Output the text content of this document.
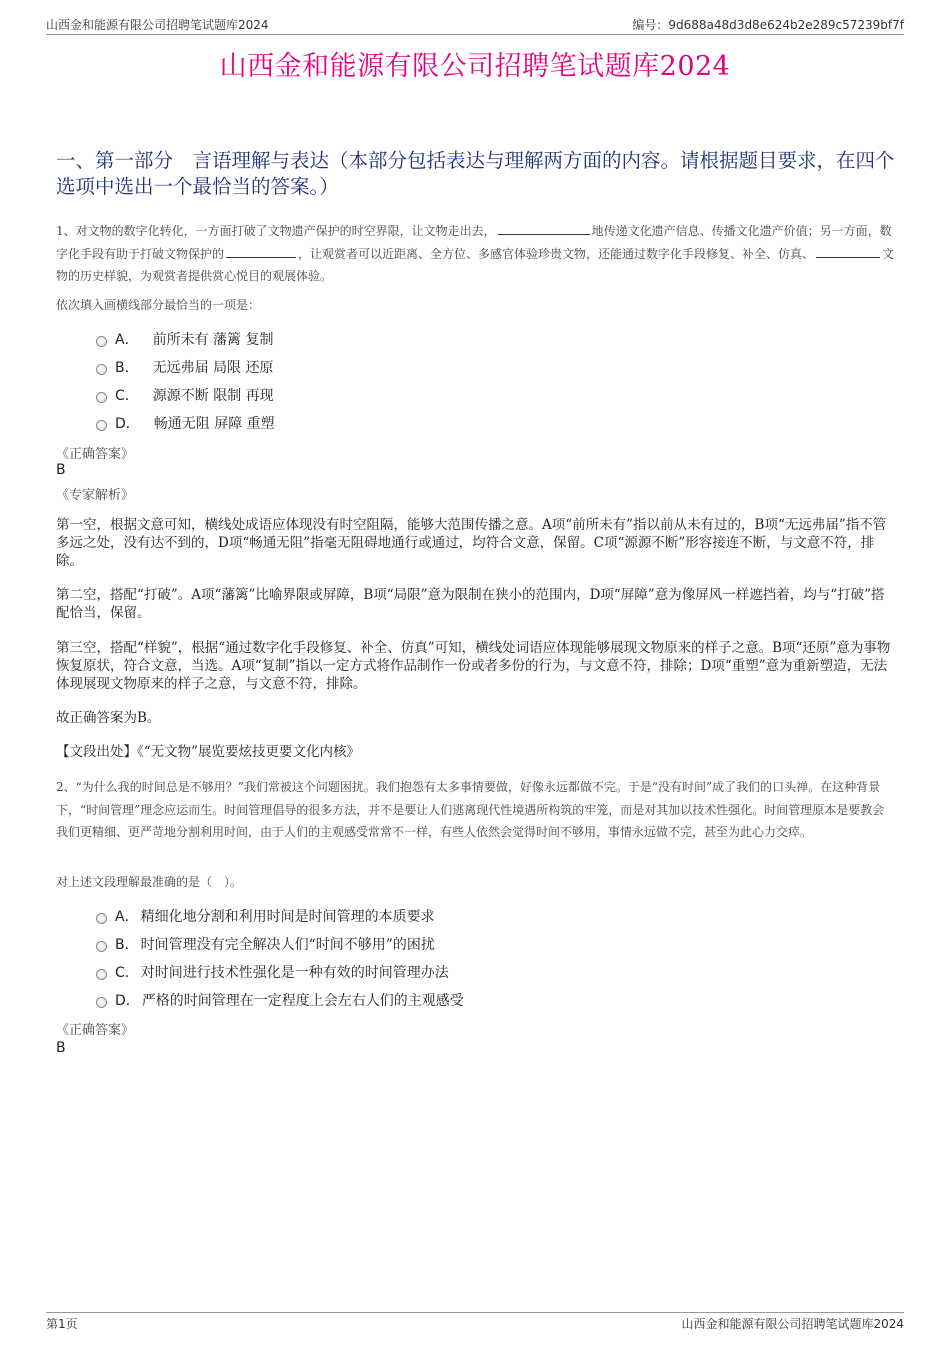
山西金和能源有限公司招聘笔试题库2024	编号：9d688a48d3d8e624b2e289c57239bf7f
山西金和能源有限公司招聘笔试题库2024
一、第一部分　言语理解与表达（本部分包括表达与理解两方面的内容。请根据题目要求，在四个选项中选出一个最恰当的答案。）
1、对文物的数字化转化，一方面打破了文物遗产保护的时空界限，让文物走出去，	地传递文化遗产信息、传播文化遗产价值；另一方面，数字化手段有助于打破文物保护的	，让观赏者可以近距离、全方位、多感官体验珍贵文物，还能通过数字化手段修复、补全、仿真、	文物的历史样貌，为观赏者提供赏心悦目的观展体验。
依次填入画横线部分最恰当的一项是：
A． 前所未有 藩篱 复制
B． 无远弗届 局限 还原
C． 源源不断 限制 再现
D． 畅通无阻 屏障 重塑
《正确答案》
B
《专家解析》
第一空，根据文意可知，横线处成语应体现没有时空阻隔，能够大范围传播之意。A项“前所未有”指以前从未有过的，B项“无远弗届”指不管多远之处，没有达不到的，D项“畅通无阻”指毫无阻碍地通行或通过，均符合文意，保留。C项“源源不断”形容接连不断，与文意不符，排除。
第二空，搭配“打破”。A项“藩篱”比喻界限或屏障，B项“局限”意为限制在狭小的范围内，D项“屏障”意为像屏风一样遮挡着，均与“打破”搭配恰当，保留。
第三空，搭配“样貌”，根据“通过数字化手段修复、补全、仿真”可知，横线处词语应体现能够展现文物原来的样子之意。B项“还原”意为事物恢复原状，符合文意，当选。A项“复制”指以一定方式将作品制作一份或者多份的行为，与文意不符，排除；D项“重塑”意为重新塑造，无法体现展现文物原来的样子之意，与文意不符，排除。
故正确答案为B。
【文段出处】《“无文物”展览要炫技更要文化内核》
2、“为什么我的时间总是不够用？”我们常被这个问题困扰。我们抱怨有太多事情要做，好像永远都做不完。于是“没有时间”成了我们的口头禅。在这种背景下，“时间管理”理念应运而生。时间管理倡导的很多方法，并不是要让人们逃离现代性境遇所构筑的牢笼，而是对其加以技术性强化。时间管理原本是要教会我们更精细、更严苛地分割利用时间，由于人们的主观感受常常不一样，有些人依然会觉得时间不够用，事情永远做不完，甚至为此心力交瘁。
对上述文段理解最准确的是（　）。
A． 精细化地分割和利用时间是时间管理的本质要求
B． 时间管理没有完全解决人们“时间不够用”的困扰
C． 对时间进行技术性强化是一种有效的时间管理办法
D． 严格的时间管理在一定程度上会左右人们的主观感受
《正确答案》
B
第1页	山西金和能源有限公司招聘笔试题库2024
